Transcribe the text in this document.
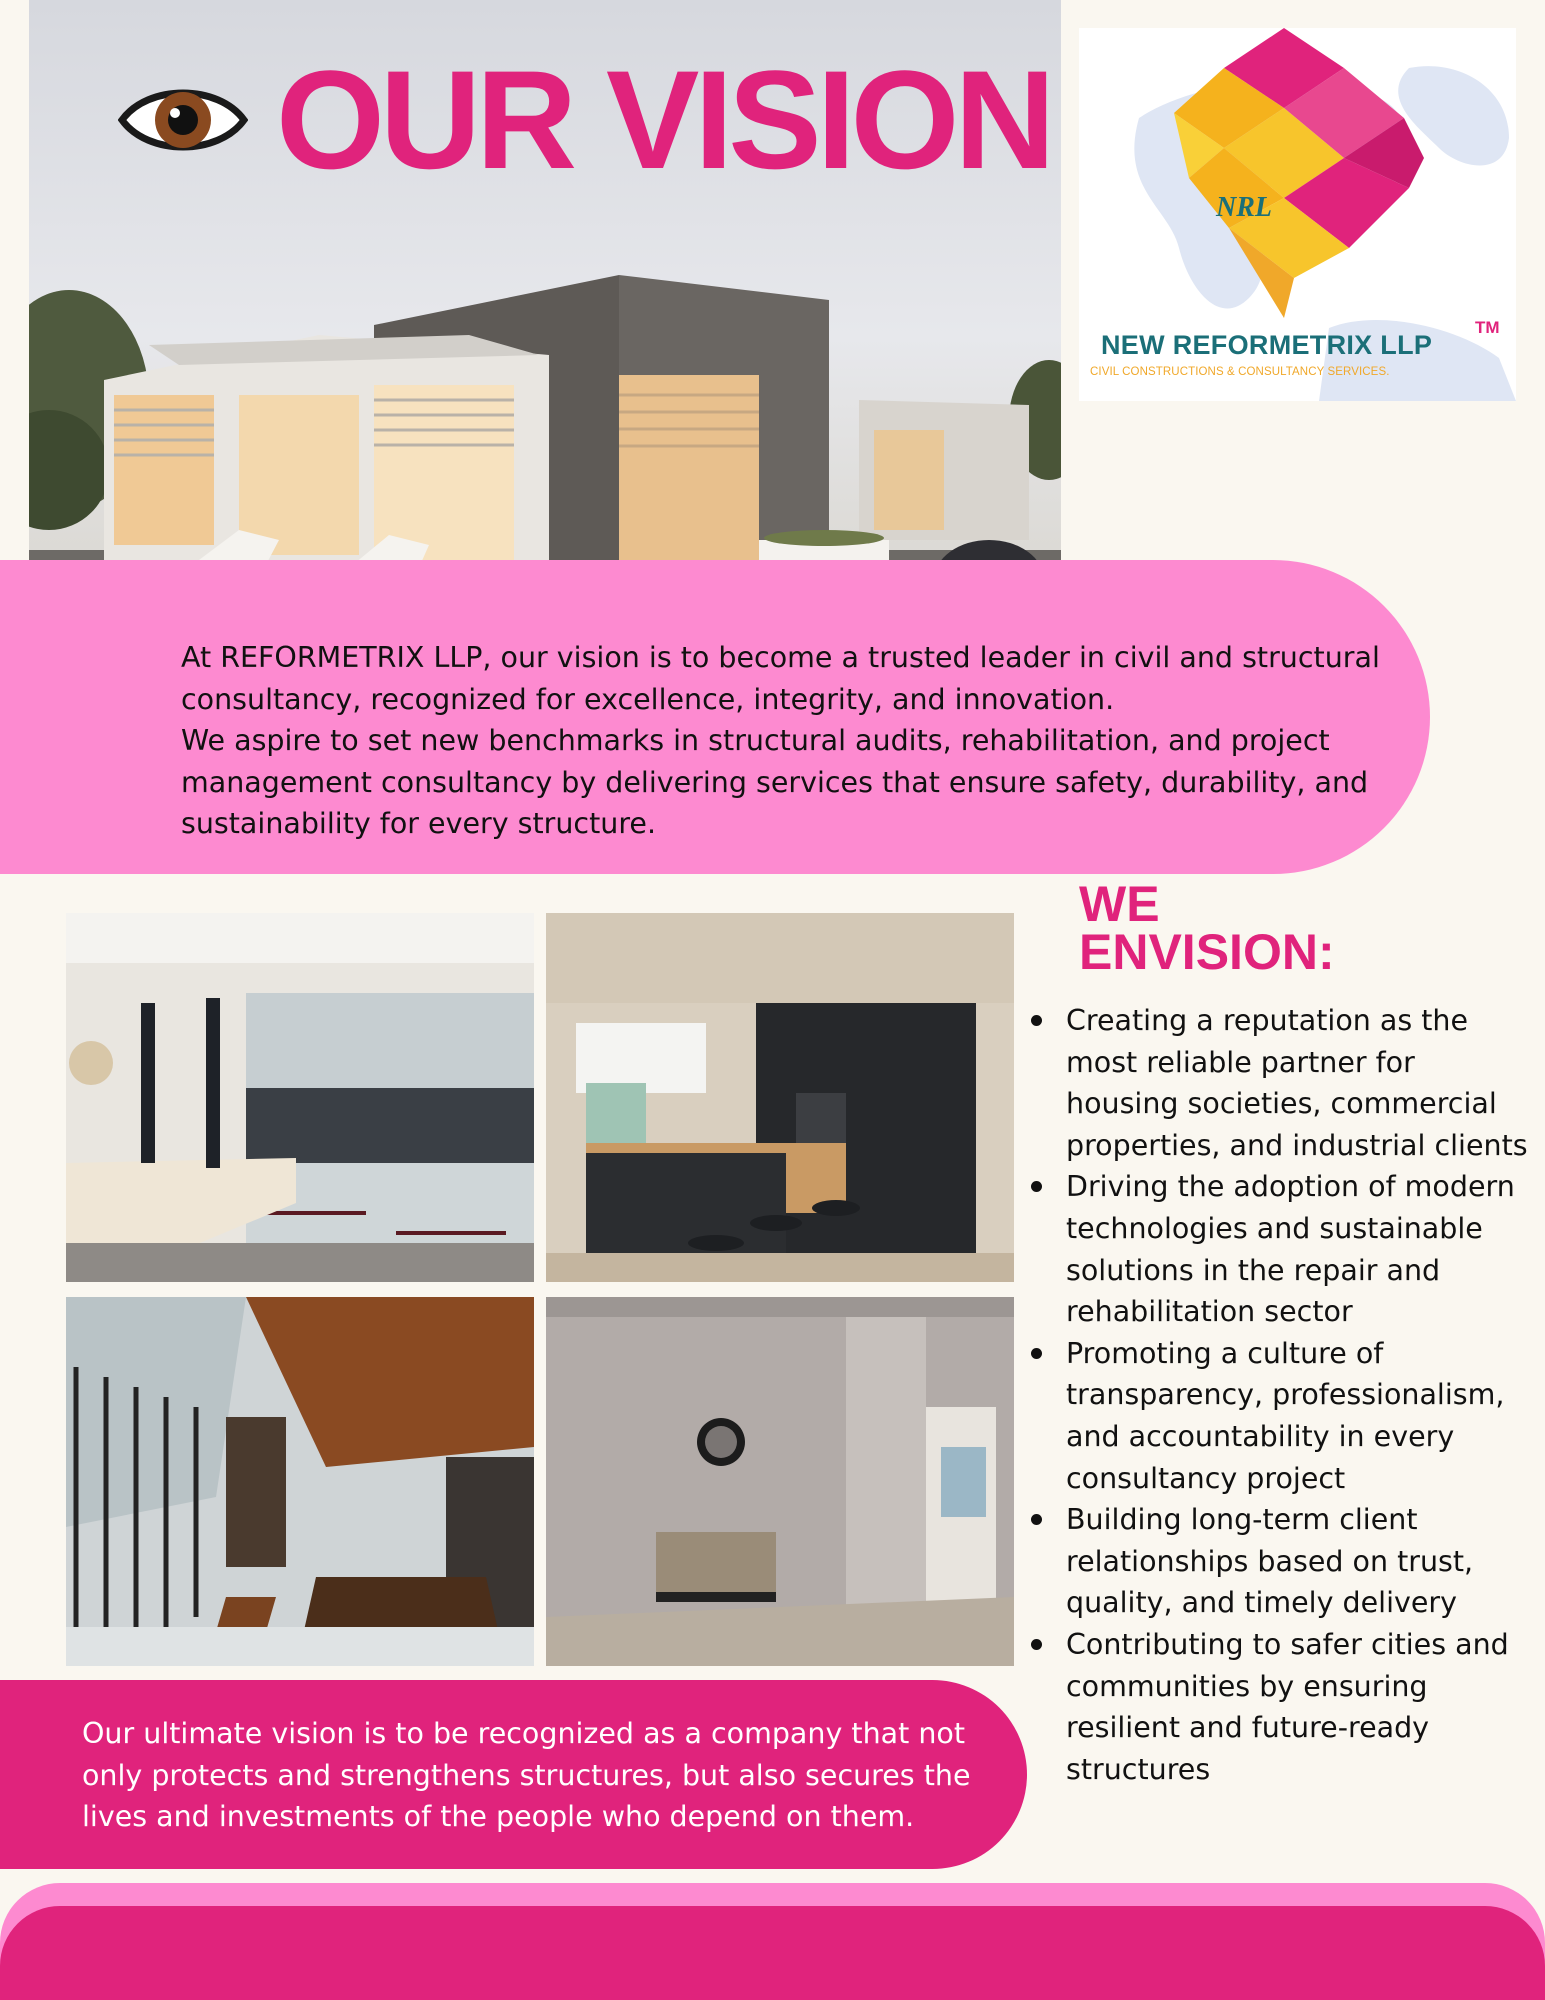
OUR VISION
NRL
NEW REFORMETRIX LLP
TM
CIVIL CONSTRUCTIONS & CONSULTANCY SERVICES.

At REFORMETRIX LLP, our vision is to become a trusted leader in civil and structural consultancy, recognized for excellence, integrity, and innovation.
We aspire to set new benchmarks in structural audits, rehabilitation, and project management consultancy by delivering services that ensure safety, durability, and sustainability for every structure.

WE ENVISION:
Creating a reputation as the most reliable partner for housing societies, commercial properties, and industrial clients
Driving the adoption of modern technologies and sustainable solutions in the repair and rehabilitation sector
Promoting a culture of transparency, professionalism, and accountability in every consultancy project
Building long-term client relationships based on trust, quality, and timely delivery
Contributing to safer cities and communities by ensuring resilient and future-ready structures
Our ultimate vision is to be recognized as a company that not only protects and strengthens structures, but also secures the lives and investments of the people who depend on them.
